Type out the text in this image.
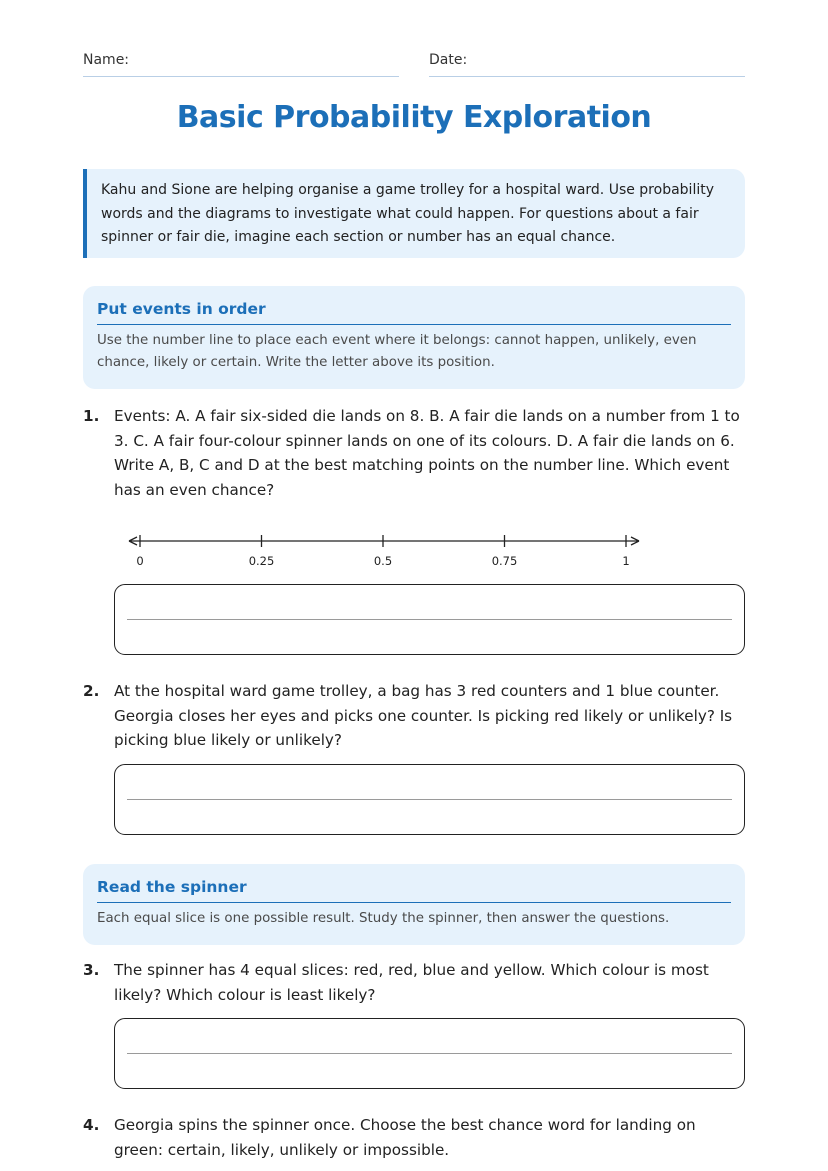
Name:	Date:
Basic Probability Exploration
Kahu and Sione are helping organise a game trolley for a hospital ward. Use probability words and the diagrams to investigate what could happen. For questions about a fair spinner or fair die, imagine each section or number has an equal chance.
Put events in order
Use the number line to place each event where it belongs: cannot happen, unlikely, even chance, likely or certain. Write the letter above its position.
1. Events: A. A fair six-sided die lands on 8. B. A fair die lands on a number from 1 to 3. C. A fair four-colour spinner lands on one of its colours. D. A fair die lands on 6. Write A, B, C and D at the best matching points on the number line. Which event has an even chance?
0	0.25	0.5	0.75	1
2. At the hospital ward game trolley, a bag has 3 red counters and 1 blue counter. Georgia closes her eyes and picks one counter. Is picking red likely or unlikely? Is picking blue likely or unlikely?
Read the spinner
Each equal slice is one possible result. Study the spinner, then answer the questions.
3. The spinner has 4 equal slices: red, red, blue and yellow. Which colour is most likely? Which colour is least likely?
4. Georgia spins the spinner once. Choose the best chance word for landing on green: certain, likely, unlikely or impossible.
